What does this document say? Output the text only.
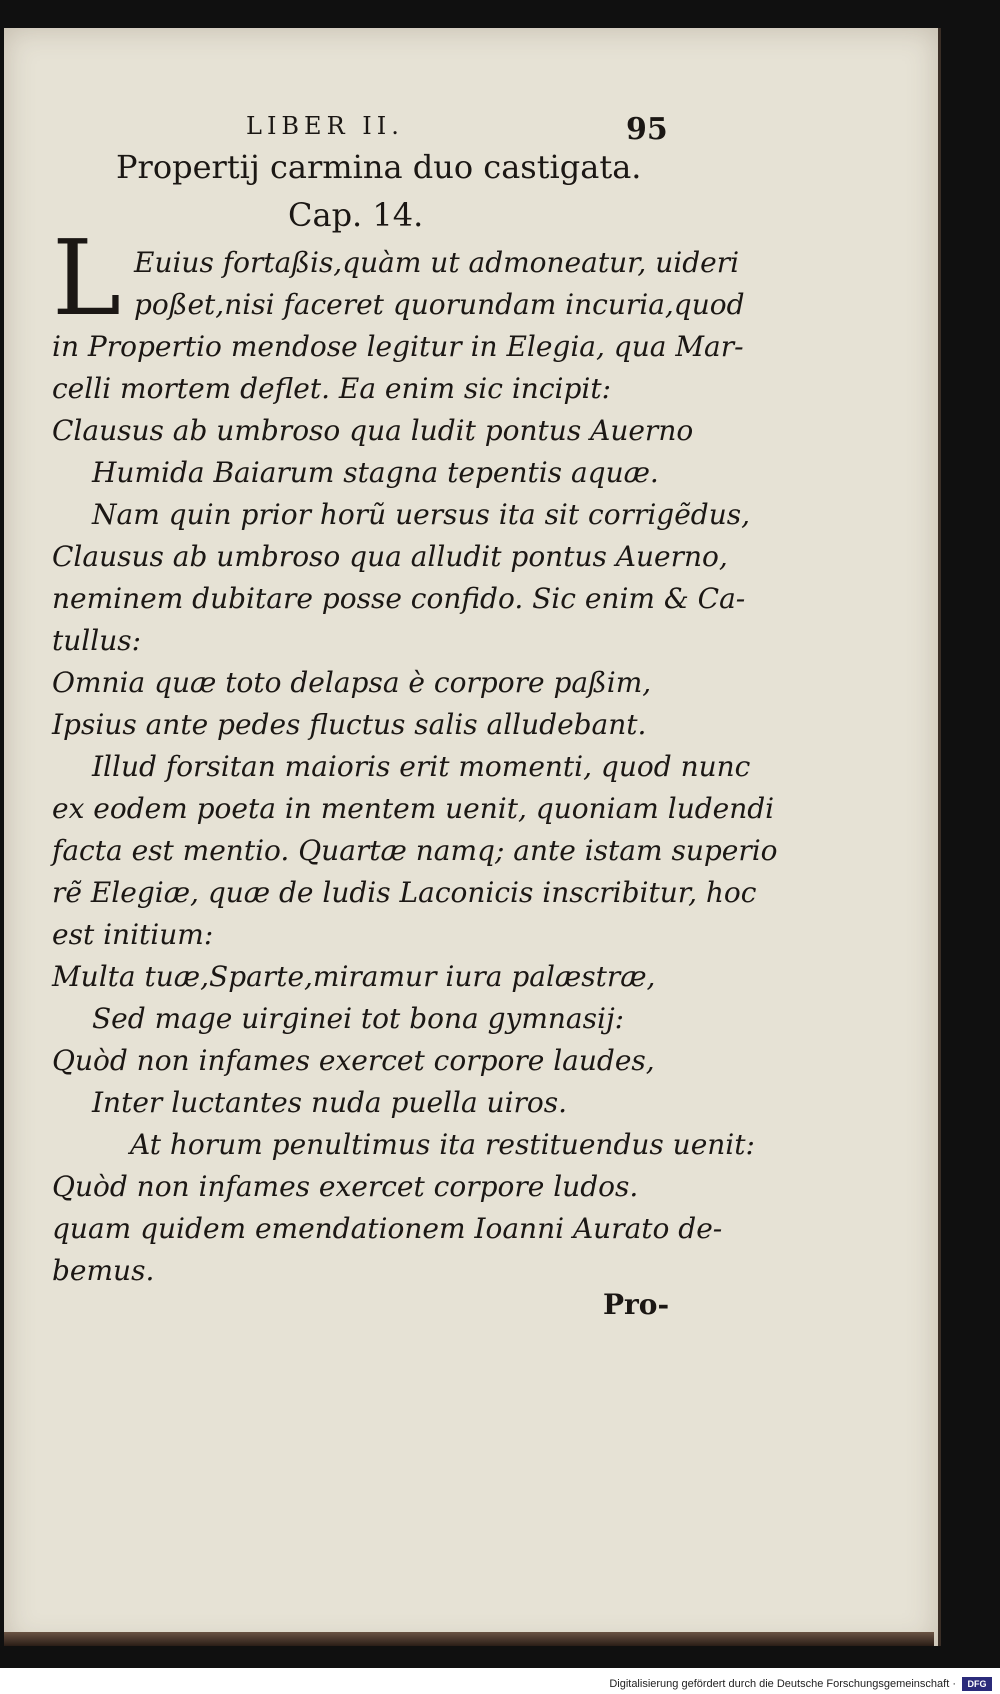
LIBER II.	95
Propertij carmina duo castigata.
Cap. 14.
L Euius fortaßis,quàm ut admoneatur, uideri
poßet,nisi faceret quorundam incuria,quod
in Propertio mendose legitur in Elegia, qua Mar-
celli mortem deflet. Ea enim sic incipit:
Clausus ab umbroso qua ludit pontus Auerno
Humida Baiarum stagna tepentis aquæ.
Nam quin prior horũ uersus ita sit corrigẽdus,
Clausus ab umbroso qua alludit pontus Auerno,
neminem dubitare posse confido. Sic enim & Ca-
tullus:
Omnia quæ toto delapsa è corpore paßim,
Ipsius ante pedes fluctus salis alludebant.
Illud forsitan maioris erit momenti, quod nunc
ex eodem poeta in mentem uenit, quoniam ludendi
facta est mentio. Quartæ namq; ante istam superio
rẽ Elegiæ, quæ de ludis Laconicis inscribitur, hoc
est initium:
Multa tuæ,Sparte,miramur iura palæstræ,
Sed mage uirginei tot bona gymnasij:
Quòd non infames exercet corpore laudes,
Inter luctantes nuda puella uiros.
At horum penultimus ita restituendus uenit:
Quòd non infames exercet corpore ludos.
quam quidem emendationem Ioanni Aurato de-
bemus.
Pro-
Digitalisierung gefördert durch die Deutsche Forschungsgemeinschaft ·	DFG
